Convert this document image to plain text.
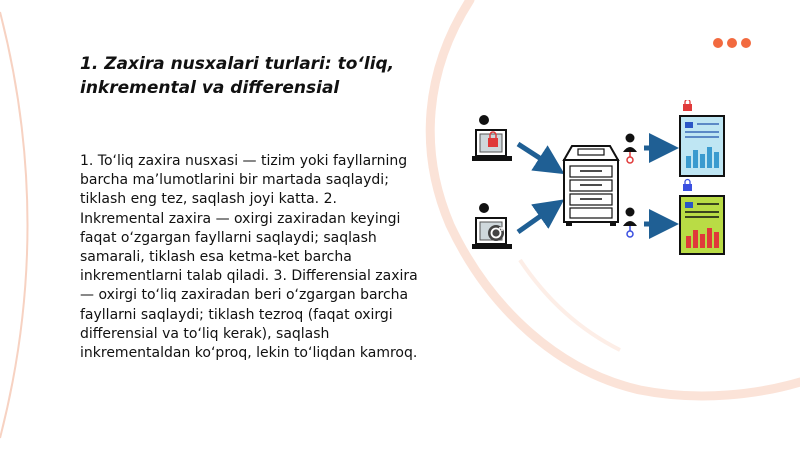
1. Zaxira nusxalari turlari: to‘liq, inkremental va differensial

1. To‘liq zaxira nusxasi — tizim yoki fayllarning barcha ma’lumotlarini bir martada saqlaydi; tiklash eng tez, saqlash joyi katta. 2. Inkremental zaxira — oxirgi zaxiradan keyingi faqat o‘zgargan fayllarni saqlaydi; saqlash samarali, tiklash esa ketma-ket barcha inkrementlarni talab qiladi. 3. Differensial zaxira — oxirgi to‘liq zaxiradan beri o‘zgargan barcha fayllarni saqlaydi; tiklash tezroq (faqat oxirgi differensial va to‘liq kerak), saqlash inkrementaldan ko‘proq, lekin to‘liqdan kamroq.
